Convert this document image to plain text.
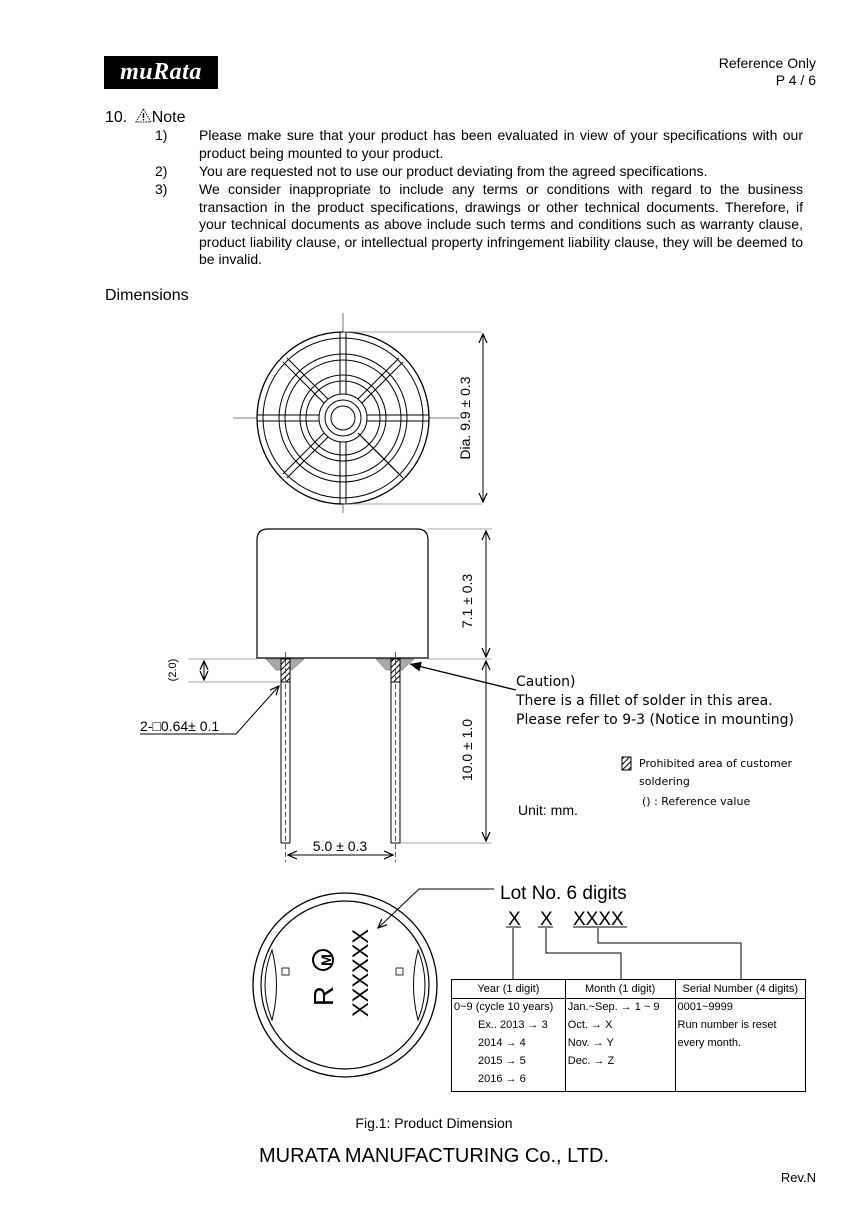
muRata	Reference Only
P 4 / 6
10. Note
1) Please make sure that your product has been evaluated in view of your specifications with our product being mounted to your product.
2) You are requested not to use our product deviating from the agreed specifications.
3) We consider inappropriate to include any terms or conditions with regard to the business transaction in the product specifications, drawings or other technical documents. Therefore, if your technical documents as above include such terms and conditions such as warranty clause, product liability clause, or intellectual property infringement liability clause, they will be deemed to be invalid.
Dimensions
Dia. 9.9 ± 0.3
7.1 ± 0.3
10.0 ± 1.0
(2.0)
2-□0.64± 0.1
5.0 ± 0.3
Caution)
There is a fillet of solder in this area.
Please refer to 9-3 (Notice in mounting)
Prohibited area of customer soldering
() : Reference value
Unit: mm.
R
M XXXXXX
Lot No. 6 digits
X X XXXX
Year (1 digit)	Month (1 digit)	Serial Number (4 digits)
0~9 (cycle 10 years)	Jan.~Sep. → 1 ~ 9	0001~9999
Ex.. 2013 → 3	Oct. → X	Run number is reset
2014 → 4	Nov. → Y	every month.
2015 → 5	Dec. → Z	
2016 → 6		
Fig.1: Product Dimension
MURATA MANUFACTURING Co., LTD.
Rev.N
